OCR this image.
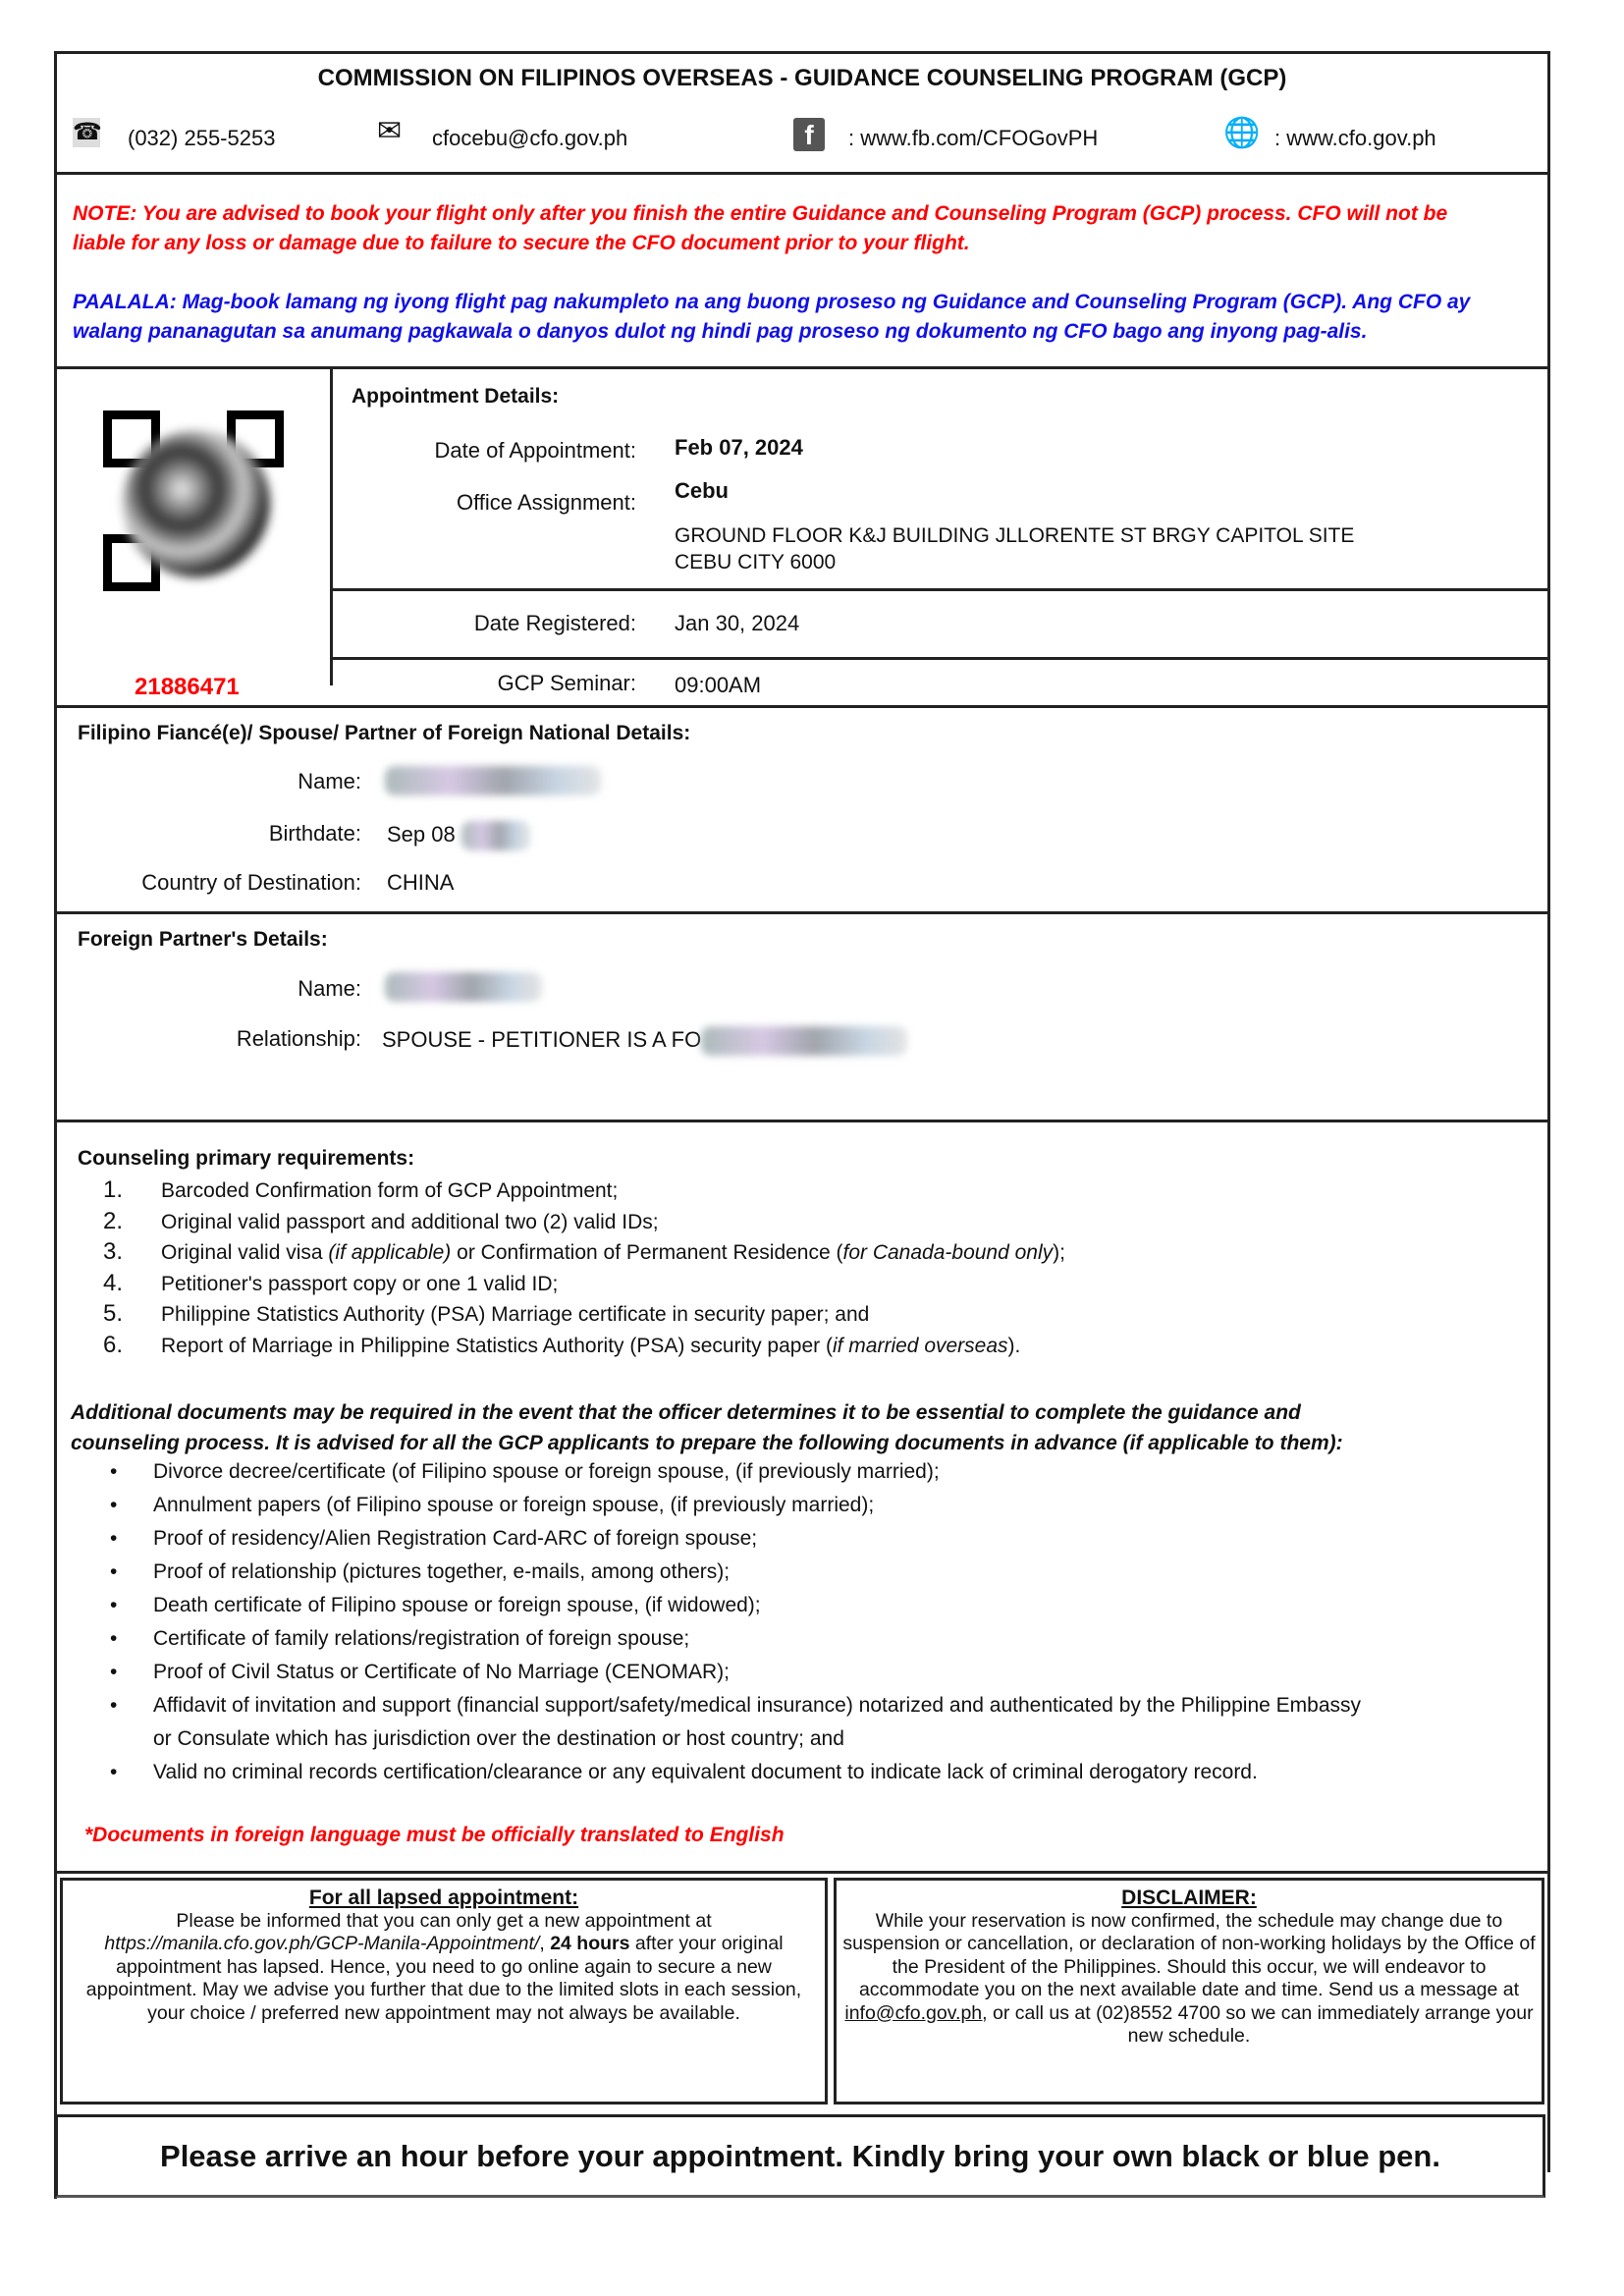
COMMISSION ON FILIPINOS OVERSEAS - GUIDANCE COUNSELING PROGRAM (GCP)
☎ (032) 255-5253	✉ cfocebu@cfo.gov.ph	f	: www.fb.com/CFOGovPH	🌐 : www.cfo.gov.ph
NOTE: You are advised to book your flight only after you finish the entire Guidance and Counseling Program (GCP) process. CFO will not be
liable for any loss or damage due to failure to secure the CFO document prior to your flight.
PAALALA: Mag-book lamang ng iyong flight pag nakumpleto na ang buong proseso ng Guidance and Counseling Program (GCP). Ang CFO ay
walang pananagutan sa anumang pagkawala o danyos dulot ng hindi pag proseso ng dokumento ng CFO bago ang inyong pag-alis.
21886471
Appointment Details:
Date of Appointment: Feb 07, 2024
Office Assignment: Cebu
GROUND FLOOR K&J BUILDING JLLORENTE ST BRGY CAPITOL SITE
CEBU CITY 6000
Date Registered: Jan 30, 2024
GCP Seminar: 09:00AM
Filipino Fiancé(e)/ Spouse/ Partner of Foreign National Details:
Name:
Birthdate: Sep 08
Country of Destination: CHINA
Foreign Partner's Details:
Name:
Relationship: SPOUSE - PETITIONER IS A FO
Counseling primary requirements:
1. Barcoded Confirmation form of GCP Appointment;
2. Original valid passport and additional two (2) valid IDs;
3. Original valid visa (if applicable) or Confirmation of Permanent Residence (for Canada-bound only);
4. Petitioner's passport copy or one 1 valid ID;
5. Philippine Statistics Authority (PSA) Marriage certificate in security paper; and
6. Report of Marriage in Philippine Statistics Authority (PSA) security paper (if married overseas).
Additional documents may be required in the event that the officer determines it to be essential to complete the guidance and
counseling process. It is advised for all the GCP applicants to prepare the following documents in advance (if applicable to them):
• Divorce decree/certificate (of Filipino spouse or foreign spouse, (if previously married);
• Annulment papers (of Filipino spouse or foreign spouse, (if previously married);
• Proof of residency/Alien Registration Card-ARC of foreign spouse;
• Proof of relationship (pictures together, e-mails, among others);
• Death certificate of Filipino spouse or foreign spouse, (if widowed);
• Certificate of family relations/registration of foreign spouse;
• Proof of Civil Status or Certificate of No Marriage (CENOMAR);
• Affidavit of invitation and support (financial support/safety/medical insurance) notarized and authenticated by the Philippine Embassy
or Consulate which has jurisdiction over the destination or host country; and
• Valid no criminal records certification/clearance or any equivalent document to indicate lack of criminal derogatory record.
*Documents in foreign language must be officially translated to English
For all lapsed appointment:
Please be informed that you can only get a new appointment at
https://manila.cfo.gov.ph/GCP-Manila-Appointment/, 24 hours after your original appointment has lapsed. Hence, you need to go online again to secure a new appointment. May we advise you further that due to the limited slots in each session, your choice / preferred new appointment may not always be available.
DISCLAIMER:
While your reservation is now confirmed, the schedule may change due to suspension or cancellation, or declaration of non-working holidays by the Office of the President of the Philippines. Should this occur, we will endeavor to accommodate you on the next available date and time. Send us a message at info@cfo.gov.ph, or call us at (02)8552 4700 so we can immediately arrange your new schedule.
Please arrive an hour before your appointment. Kindly bring your own black or blue pen.
